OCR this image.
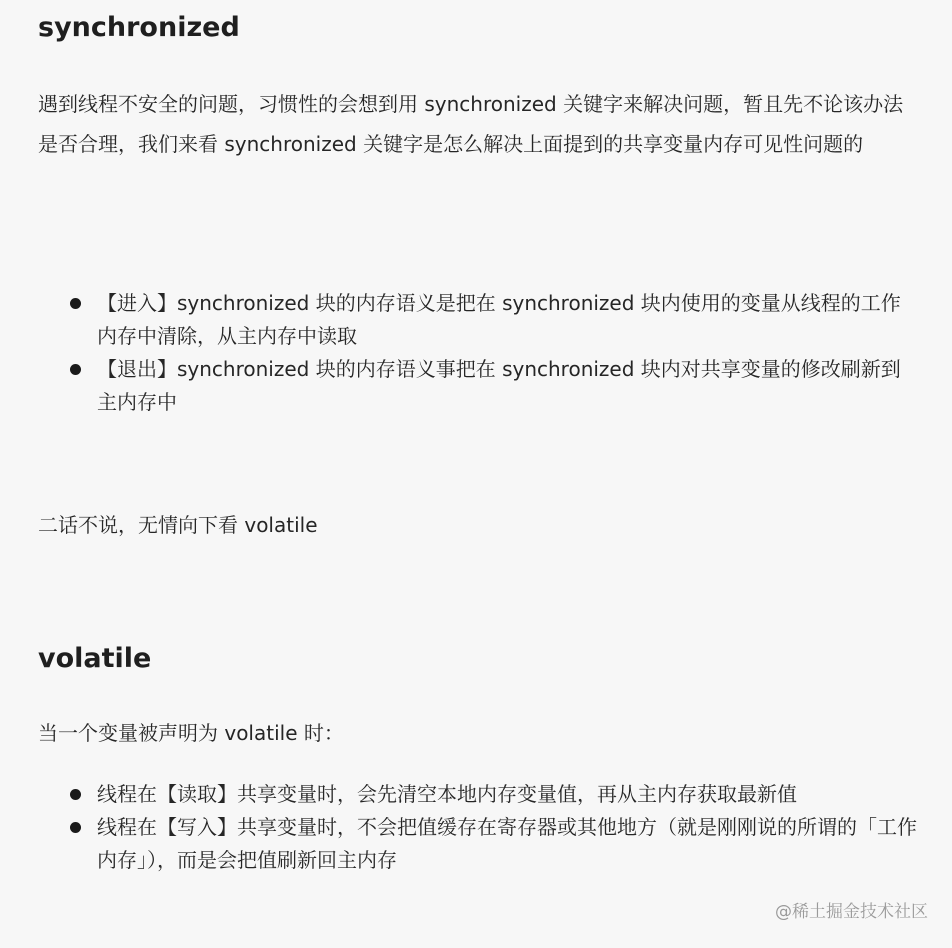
synchronized

遇到线程不安全的问题，习惯性的会想到用 synchronized 关键字来解决问题，暂且先不论该办法是否合理，我们来看 synchronized 关键字是怎么解决上面提到的共享变量内存可见性问题的

【进入】synchronized 块的内存语义是把在 synchronized 块内使用的变量从线程的工作内存中清除，从主内存中读取
【退出】synchronized 块的内存语义事把在 synchronized 块内对共享变量的修改刷新到主内存中

二话不说，无情向下看 volatile

volatile

当一个变量被声明为 volatile 时：

线程在【读取】共享变量时，会先清空本地内存变量值，再从主内存获取最新值
线程在【写入】共享变量时，不会把值缓存在寄存器或其他地方（就是刚刚说的所谓的「工作内存」），而是会把值刷新回主内存
@稀土掘金技术社区
